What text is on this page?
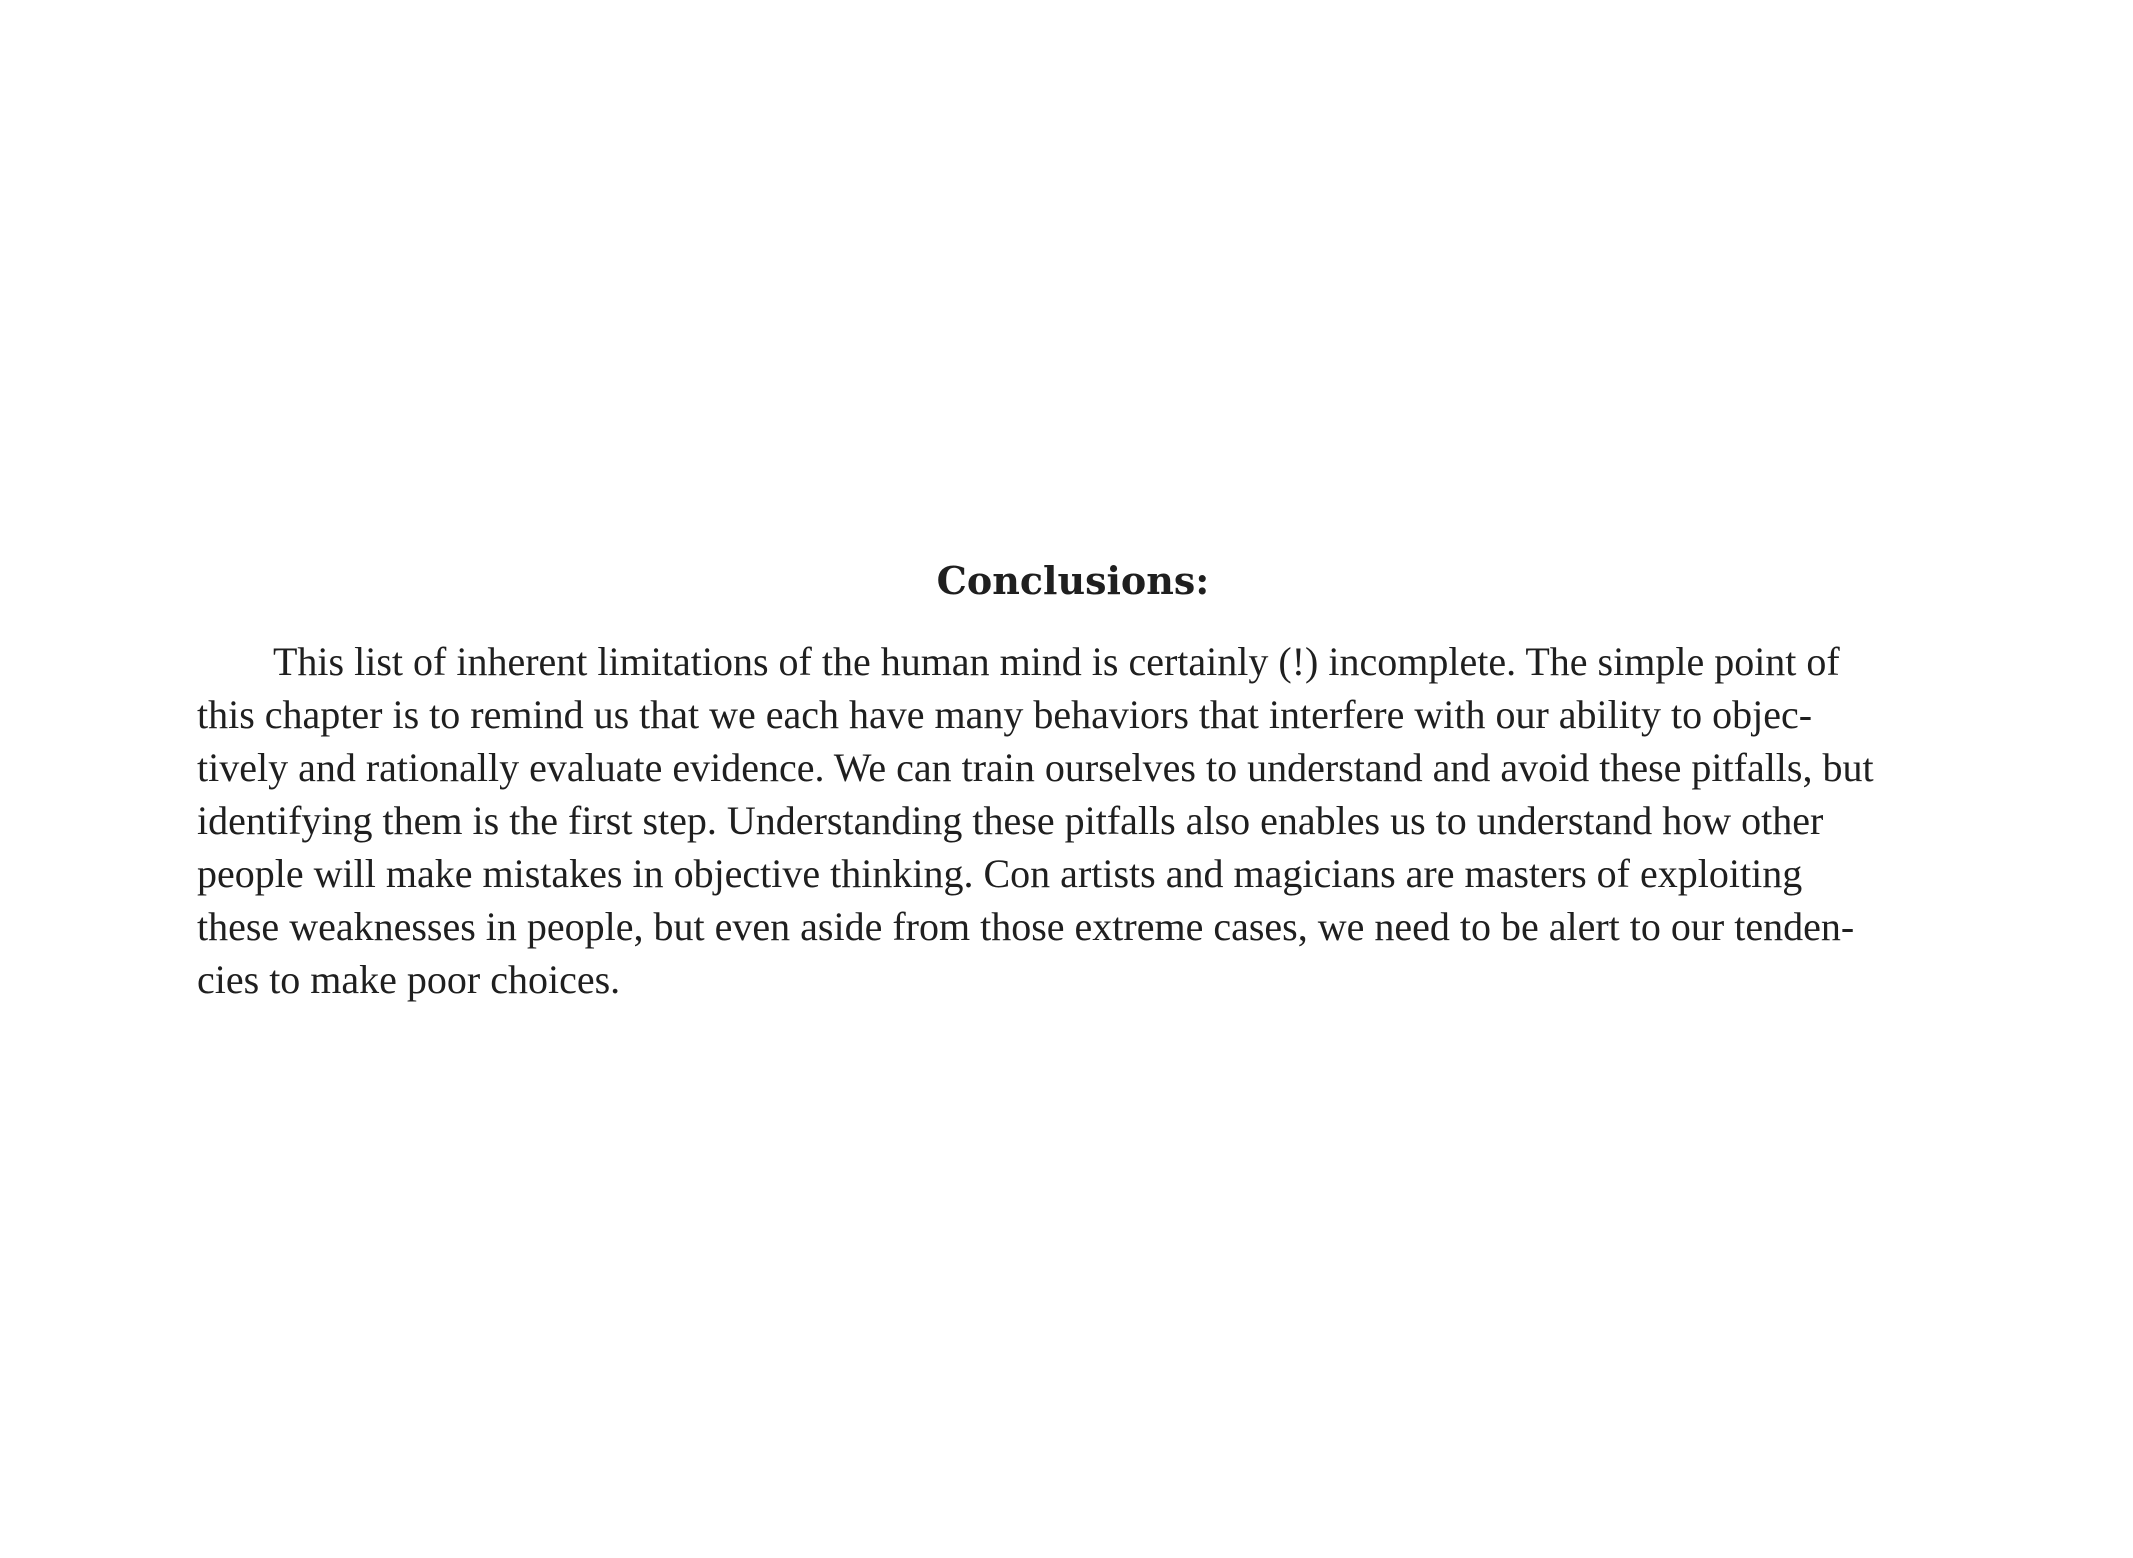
Conclusions:

This list of inherent limitations of the human mind is certainly (!) incomplete. The simple point of
this chapter is to remind us that we each have many behaviors that interfere with our ability to objec-
tively and rationally evaluate evidence. We can train ourselves to understand and avoid these pitfalls, but
identifying them is the first step. Understanding these pitfalls also enables us to understand how other
people will make mistakes in objective thinking. Con artists and magicians are masters of exploiting
these weaknesses in people, but even aside from those extreme cases, we need to be alert to our tenden-
cies to make poor choices.
